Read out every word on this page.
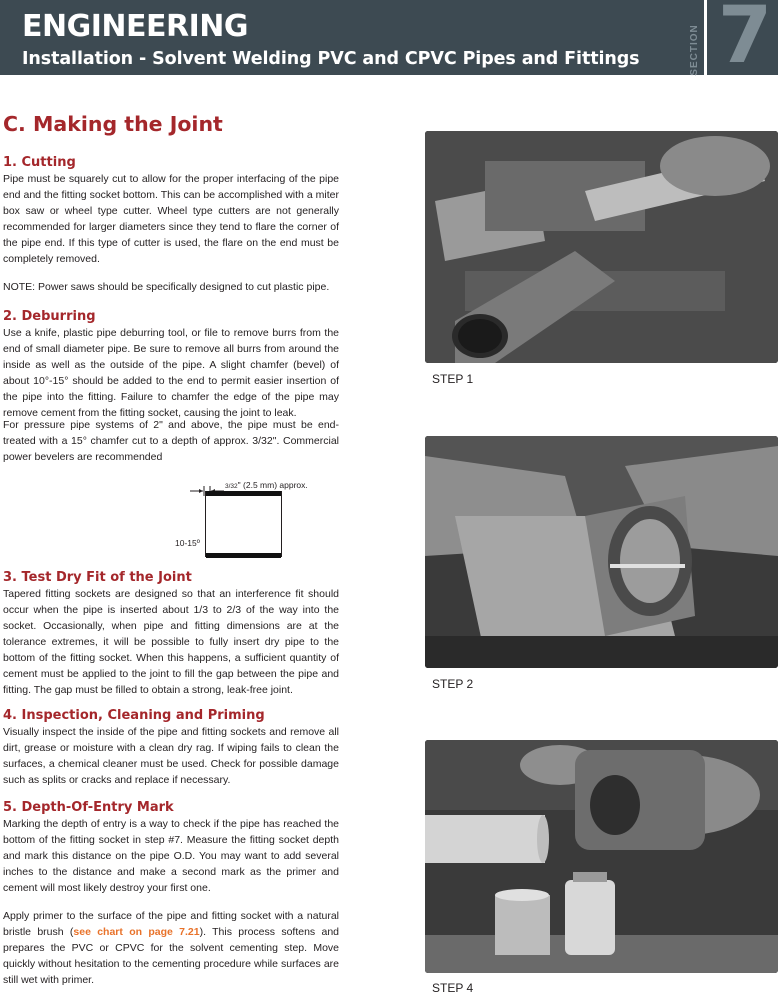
ENGINEERING
Installation - Solvent Welding PVC and CPVC Pipes and Fittings	SECTION 7
C. Making the Joint
1. Cutting
Pipe must be squarely cut to allow for the proper interfacing of the pipe end and the fitting socket bottom. This can be accomplished with a miter box saw or wheel type cutter. Wheel type cutters are not generally recommended for larger diameters since they tend to flare the corner of the pipe end. If this type of cutter is used, the flare on the end must be completely removed.
NOTE: Power saws should be specifically designed to cut plastic pipe.
2. Deburring
Use a knife, plastic pipe deburring tool, or file to remove burrs from the end of small diameter pipe. Be sure to remove all burrs from around the inside as well as the outside of the pipe. A slight chamfer (bevel) of about 10°-15° should be added to the end to permit easier insertion of the pipe into the fitting. Failure to chamfer the edge of the pipe may remove cement from the fitting socket, causing the joint to leak.
For pressure pipe systems of 2" and above, the pipe must be end-treated with a 15° chamfer cut to a depth of approx. 3/32". Commercial power bevelers are recommended
3/32" (2.5 mm) approx.
10-15º
3. Test Dry Fit of the Joint
Tapered fitting sockets are designed so that an interference fit should occur when the pipe is inserted about 1/3 to 2/3 of the way into the socket. Occasionally, when pipe and fitting dimensions are at the tolerance extremes, it will be possible to fully insert dry pipe to the bottom of the fitting socket. When this happens, a sufficient quantity of cement must be applied to the joint to fill the gap between the pipe and fitting. The gap must be filled to obtain a strong, leak-free joint.
4. Inspection, Cleaning and Priming
Visually inspect the inside of the pipe and fitting sockets and remove all dirt, grease or moisture with a clean dry rag. If wiping fails to clean the surfaces, a chemical cleaner must be used. Check for possible damage such as splits or cracks and replace if necessary.
5. Depth-Of-Entry Mark
Marking the depth of entry is a way to check if the pipe has reached the bottom of the fitting socket in step #7. Measure the fitting socket depth and mark this distance on the pipe O.D. You may want to add several inches to the distance and make a second mark as the primer and cement will most likely destroy your first one.
Apply primer to the surface of the pipe and fitting socket with a natural bristle brush (see chart on page 7.21). This process softens and prepares the PVC or CPVC for the solvent cementing step. Move quickly without hesitation to the cementing procedure while surfaces are still wet with primer.
STEP 1
STEP 2
STEP 4
